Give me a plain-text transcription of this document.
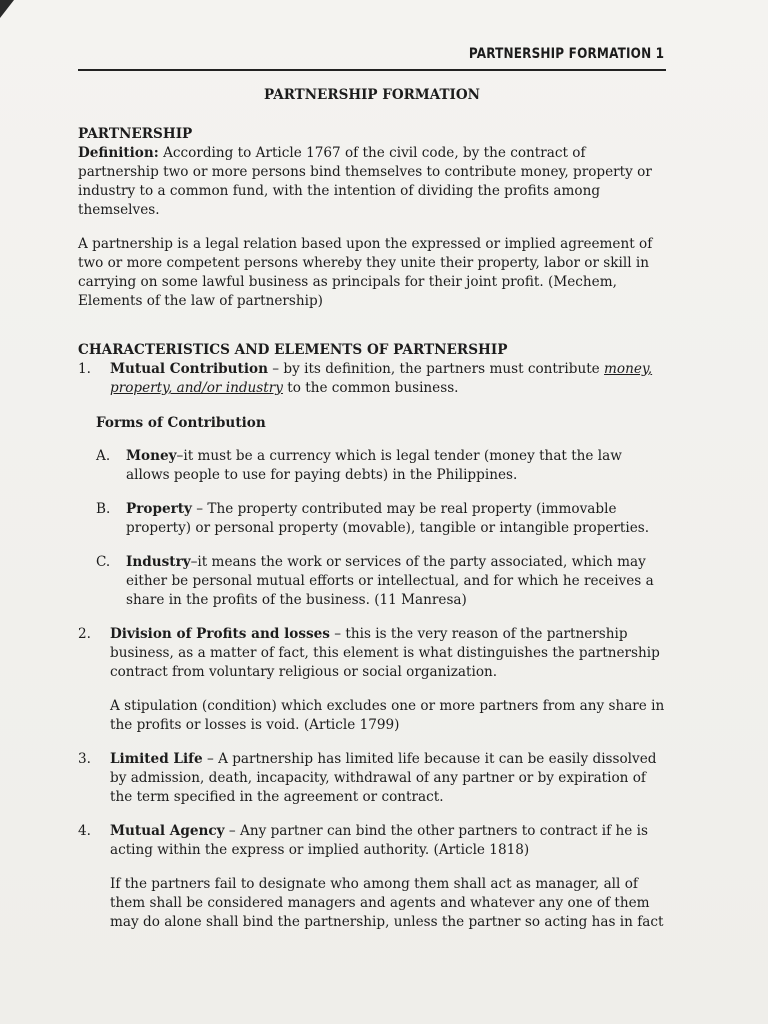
PARTNERSHIP FORMATION 1
PARTNERSHIP FORMATION
PARTNERSHIP

Definition: According to Article 1767 of the civil code, by the contract of partnership two or more persons bind themselves to contribute money, property or industry to a common fund, with the intention of dividing the profits among themselves.

A partnership is a legal relation based upon the expressed or implied agreement of two or more competent persons whereby they unite their property, labor or skill in carrying on some lawful business as principals for their joint profit. (Mechem, Elements of the law of partnership)

CHARACTERISTICS AND ELEMENTS OF PARTNERSHIP
1. Mutual Contribution – by its definition, the partners must contribute money, property, and/or industry to the common business.
Forms of Contribution
A. Money–it must be a currency which is legal tender (money that the law allows people to use for paying debts) in the Philippines.
B. Property – The property contributed may be real property (immovable property) or personal property (movable), tangible or intangible properties.
C. Industry–it means the work or services of the party associated, which may either be personal mutual efforts or intellectual, and for which he receives a share in the profits of the business. (11 Manresa)
2. Division of Profits and losses – this is the very reason of the partnership business, as a matter of fact, this element is what distinguishes the partnership contract from voluntary religious or social organization.

A stipulation (condition) which excludes one or more partners from any share in the profits or losses is void. (Article 1799)

3. Limited Life – A partnership has limited life because it can be easily dissolved by admission, death, incapacity, withdrawal of any partner or by expiration of the term specified in the agreement or contract.
4. Mutual Agency – Any partner can bind the other partners to contract if he is acting within the express or implied authority. (Article 1818)

If the partners fail to designate who among them shall act as manager, all of them shall be considered managers and agents and whatever any one of them may do alone shall bind the partnership, unless the partner so acting has in fact
